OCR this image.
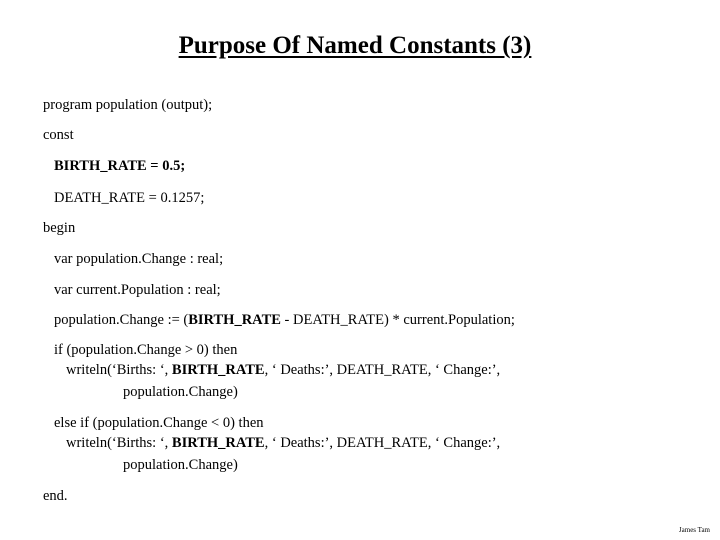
Purpose Of Named Constants (3)
program population (output);
const
BIRTH_RATE = 0.5;
DEATH_RATE = 0.1257;
begin
var population.Change : real;
var current.Population : real;
population.Change := (BIRTH_RATE - DEATH_RATE) * current.Population;
if (population.Change > 0) then
writeln(‘Births: ‘, BIRTH_RATE, ‘ Deaths:’, DEATH_RATE, ‘ Change:’,
population.Change)
else if (population.Change < 0) then
writeln(‘Births: ‘, BIRTH_RATE, ‘ Deaths:’, DEATH_RATE, ‘ Change:’,
population.Change)
end.
James Tam
